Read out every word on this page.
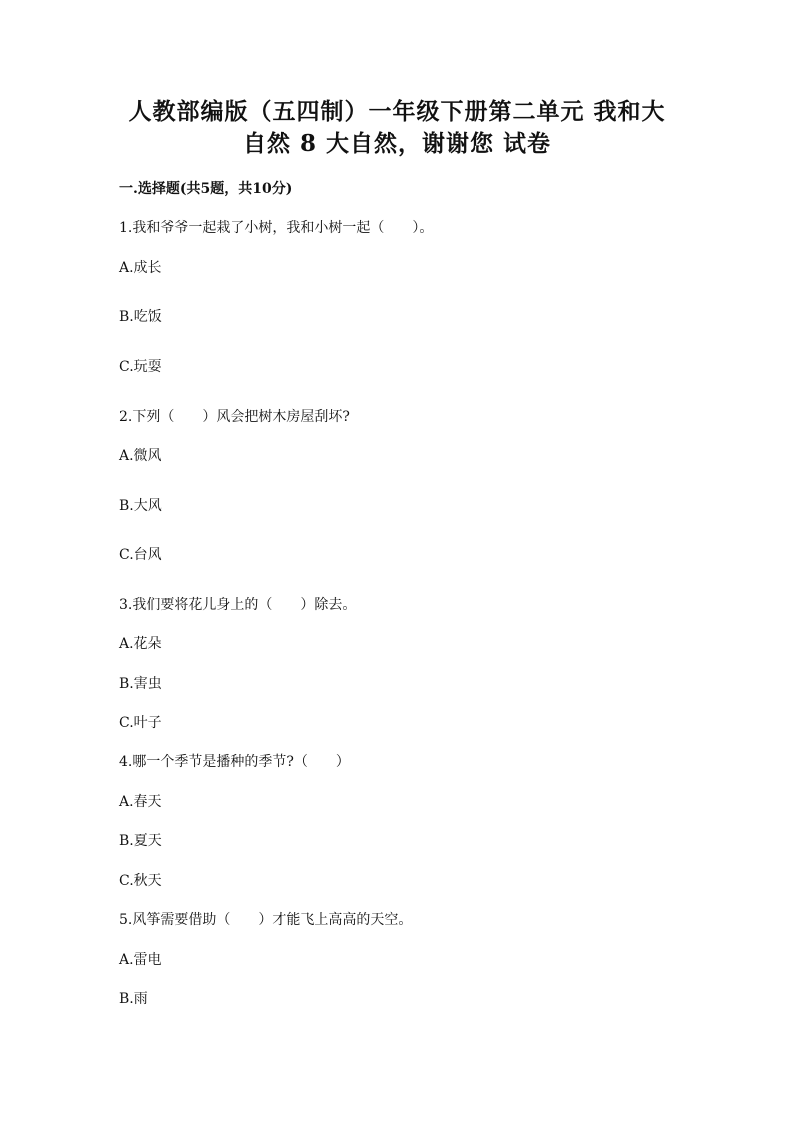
人教部编版（五四制）一年级下册第二单元 我和大
自然 8 大自然，谢谢您 试卷
一.选择题(共5题，共10分)
1.我和爷爷一起栽了小树，我和小树一起（　　）。
A.成长
B.吃饭
C.玩耍
2.下列（　　）风会把树木房屋刮坏?
A.微风
B.大风
C.台风
3.我们要将花儿身上的（　　）除去。
A.花朵
B.害虫
C.叶子
4.哪一个季节是播种的季节?（　　）
A.春天
B.夏天
C.秋天
5.风筝需要借助（　　）才能飞上高高的天空。
A.雷电
B.雨
